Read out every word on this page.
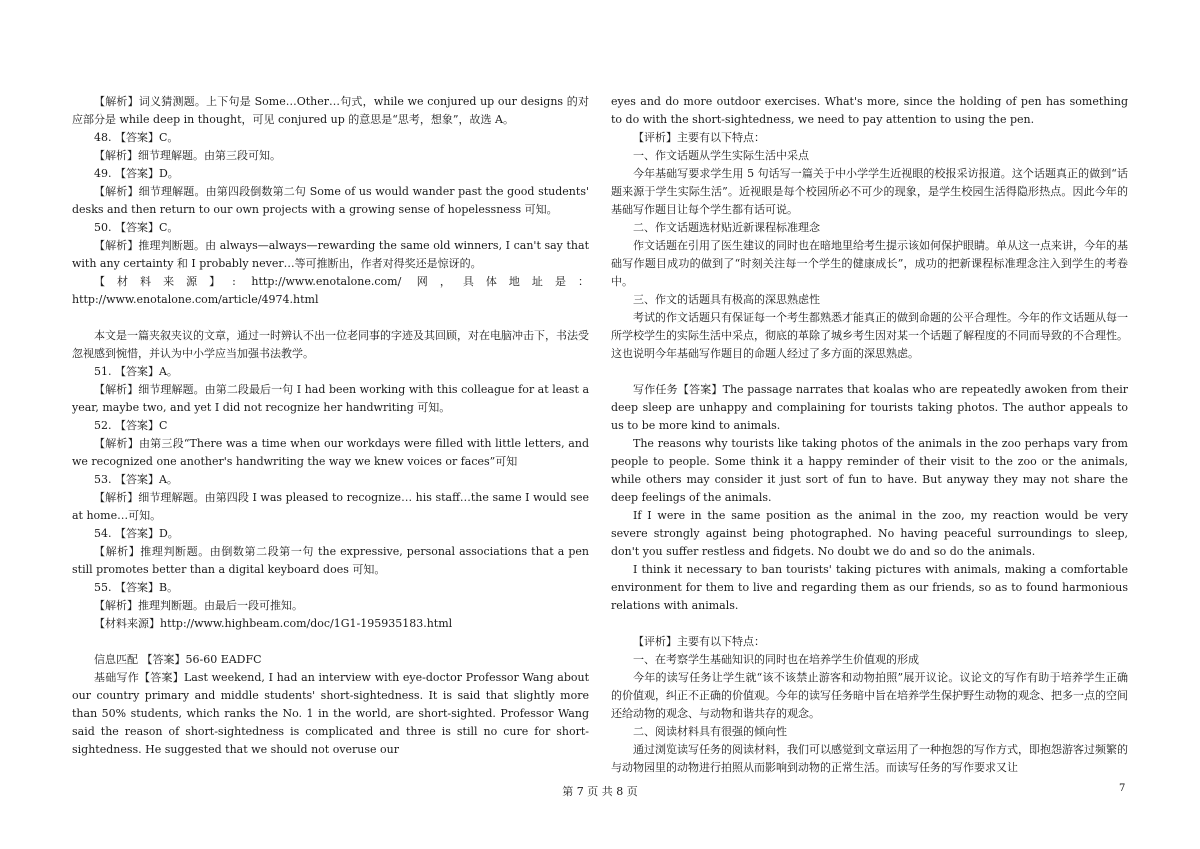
【解析】词义猜测题。上下句是 Some…Other…句式，while we conjured up our designs 的对应部分是 while deep in thought，可见 conjured up 的意思是“思考，想象”，故选 A。

48. 【答案】C。

【解析】细节理解题。由第三段可知。

49. 【答案】D。

【解析】细节理解题。由第四段倒数第二句 Some of us would wander past the good students' desks and then return to our own projects with a growing sense of hopelessness 可知。

50. 【答案】C。

【解析】推理判断题。由 always—always—rewarding the same old winners, I can't say that with any certainty 和 I probably never…等可推断出，作者对得奖还是惊讶的。

【材料来源】: http://www.enotalone.com/ 网，具体地址是：http://www.enotalone.com/article/4974.html

本文是一篇夹叙夹议的文章，通过一时辨认不出一位老同事的字迹及其回顾，对在电脑冲击下，书法受忽视感到惋惜，并认为中小学应当加强书法教学。

51. 【答案】A。

【解析】细节理解题。由第二段最后一句 I had been working with this colleague for at least a year, maybe two, and yet I did not recognize her handwriting 可知。

52. 【答案】C

【解析】由第三段“There was a time when our workdays were filled with little letters, and we recognized one another's handwriting the way we knew voices or faces”可知

53. 【答案】A。

【解析】细节理解题。由第四段 I was pleased to recognize… his staff…the same I would see at home…可知。

54. 【答案】D。

【解析】推理判断题。由倒数第二段第一句 the expressive, personal associations that a pen still promotes better than a digital keyboard does 可知。

55. 【答案】B。

【解析】推理判断题。由最后一段可推知。

【材料来源】http://www.highbeam.com/doc/1G1-195935183.html

信息匹配 【答案】56-60 EADFC

基础写作【答案】Last weekend, I had an interview with eye-doctor Professor Wang about our country primary and middle students' short-sightedness. It is said that slightly more than 50% students, which ranks the No. 1 in the world, are short-sighted. Professor Wang said the reason of short-sightedness is complicated and three is still no cure for short-sightedness. He suggested that we should not overuse our

eyes and do more outdoor exercises. What's more, since the holding of pen has something to do with the short-sightedness, we need to pay attention to using the pen.

【评析】主要有以下特点：

一、作文话题从学生实际生活中采点

今年基础写要求学生用 5 句话写一篇关于中小学学生近视眼的校报采访报道。这个话题真正的做到“话题来源于学生实际生活”。近视眼是每个校园所必不可少的现象，是学生校园生活得隐形热点。因此今年的基础写作题目让每个学生都有话可说。

二、作文话题选材贴近新课程标准理念

作文话题在引用了医生建议的同时也在暗地里给考生提示该如何保护眼睛。单从这一点来讲，今年的基础写作题目成功的做到了“时刻关注每一个学生的健康成长”，成功的把新课程标准理念注入到学生的考卷中。

三、作文的话题具有极高的深思熟虑性

考试的作文话题只有保证每一个考生都熟悉才能真正的做到命题的公平合理性。今年的作文话题从每一所学校学生的实际生活中采点，彻底的革除了城乡考生因对某一个话题了解程度的不同而导致的不合理性。这也说明今年基础写作题目的命题人经过了多方面的深思熟虑。

写作任务【答案】The passage narrates that koalas who are repeatedly awoken from their deep sleep are unhappy and complaining for tourists taking photos. The author appeals to us to be more kind to animals.

The reasons why tourists like taking photos of the animals in the zoo perhaps vary from people to people. Some think it a happy reminder of their visit to the zoo or the animals, while others may consider it just sort of fun to have. But anyway they may not share the deep feelings of the animals.

If I were in the same position as the animal in the zoo, my reaction would be very severe strongly against being photographed. No having peaceful surroundings to sleep, don't you suffer restless and fidgets. No doubt we do and so do the animals.

I think it necessary to ban tourists' taking pictures with animals, making a comfortable environment for them to live and regarding them as our friends, so as to found harmonious relations with animals.

【评析】主要有以下特点：

一、在考察学生基础知识的同时也在培养学生价值观的形成

今年的读写任务让学生就“该不该禁止游客和动物拍照”展开议论。议论文的写作有助于培养学生正确的价值观，纠正不正确的价值观。今年的读写任务暗中旨在培养学生保护野生动物的观念、把多一点的空间还给动物的观念、与动物和谐共存的观念。

二、阅读材料具有很强的倾向性

通过浏览读写任务的阅读材料，我们可以感觉到文章运用了一种抱怨的写作方式，即抱怨游客过频繁的与动物园里的动物进行拍照从而影响到动物的正常生活。而读写任务的写作要求又让

第 7 页 共 8 页	7
